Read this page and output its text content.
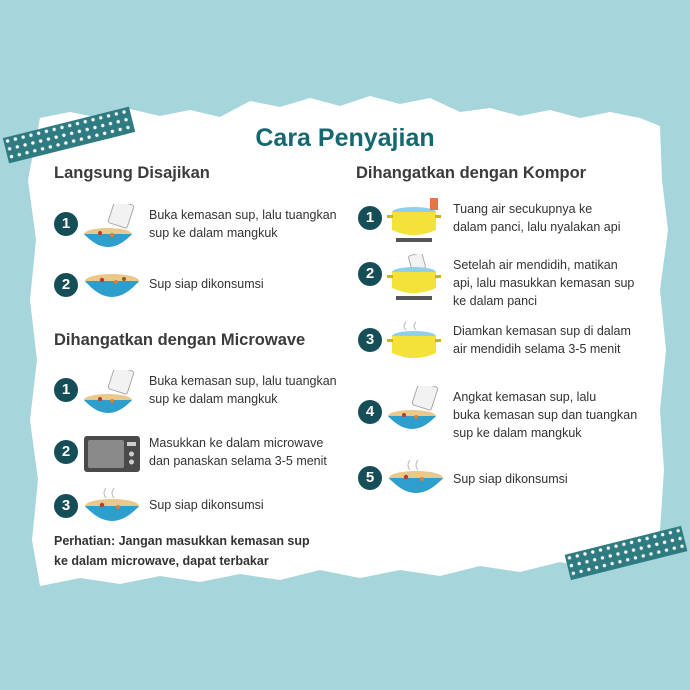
Cara Penyajian
Langsung Disajikan
1	Buka kemasan sup, lalu tuangkan
sup ke dalam mangkuk
2	Sup siap dikonsumsi
Dihangatkan dengan Microwave
1	Buka kemasan sup, lalu tuangkan
sup ke dalam mangkuk
2	Masukkan ke dalam microwave
dan panaskan selama 3-5 menit
3	Sup siap dikonsumsi
Perhatian: Jangan masukkan kemasan sup
ke dalam microwave, dapat terbakar
Dihangatkan dengan Kompor
1	Tuang air secukupnya ke
dalam panci, lalu nyalakan api
2	Setelah air mendidih, matikan
api, lalu masukkan kemasan sup
ke dalam panci
3	Diamkan kemasan sup di dalam
air mendidih selama 3-5 menit
4
Angkat kemasan sup, lalu
buka kemasan sup dan tuangkan
sup ke dalam mangkuk
5	Sup siap dikonsumsi
